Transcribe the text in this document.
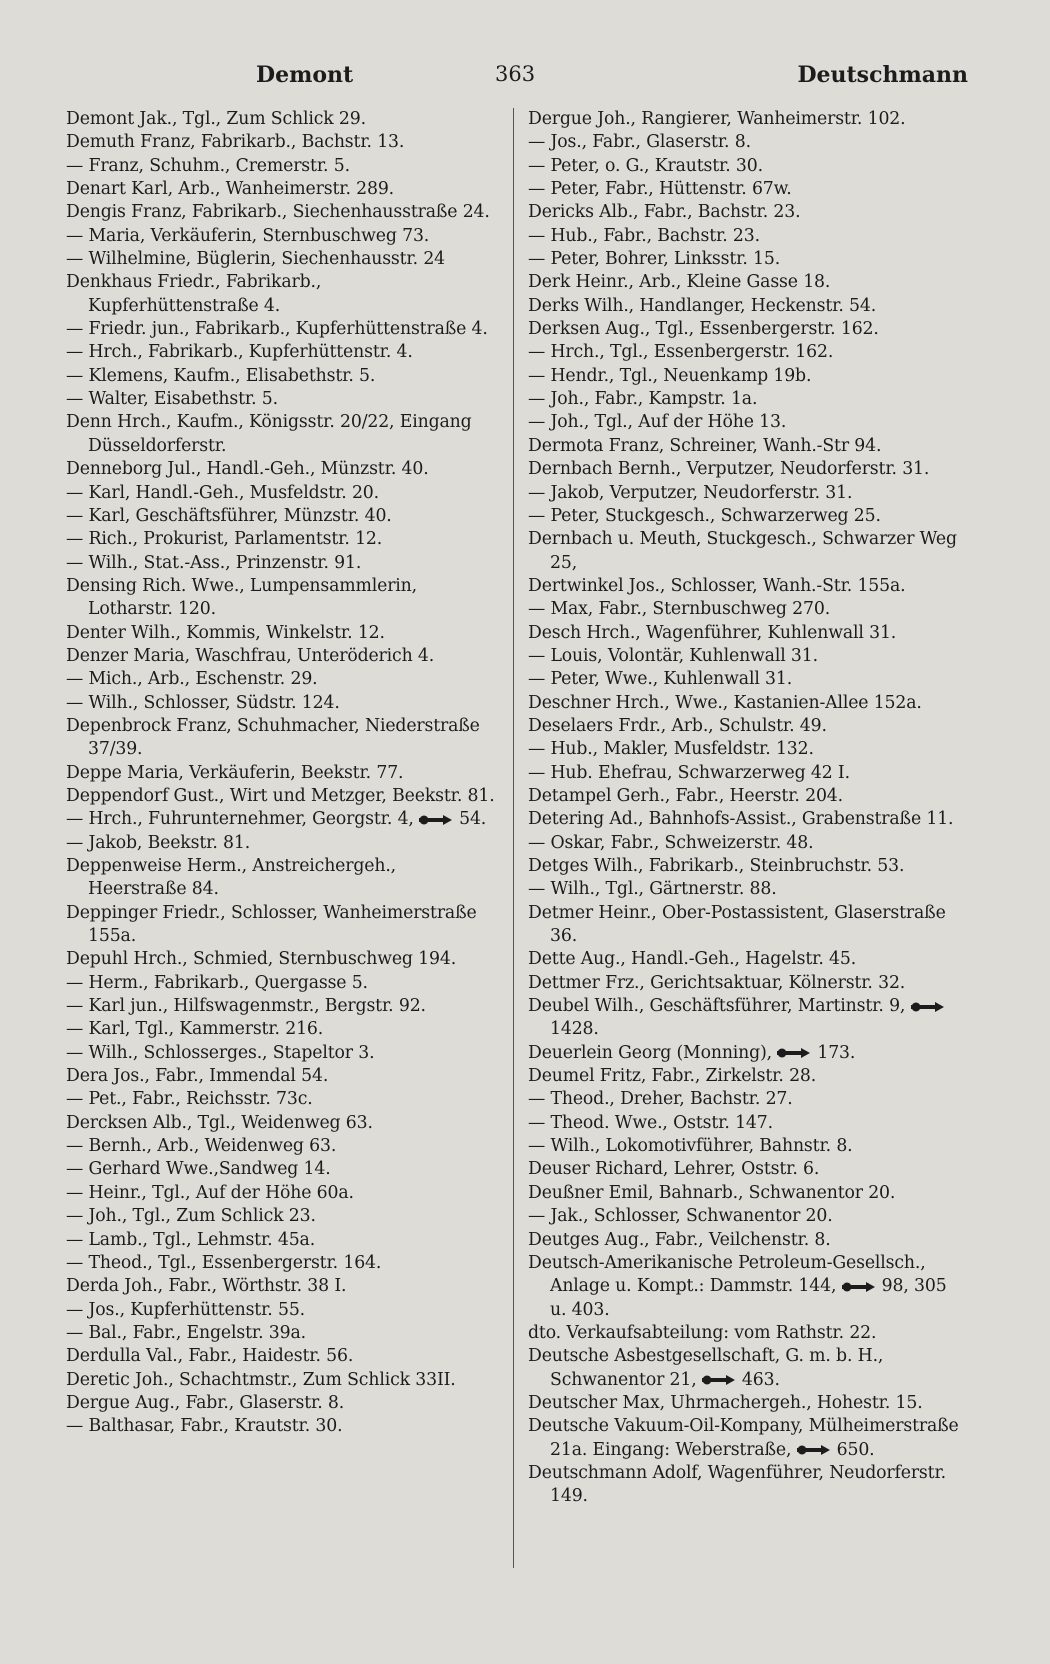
Demont	363	Deutschmann
Demont Jak., Tgl., Zum Schlick 29.
Demuth Franz, Fabrikarb., Bachstr. 13.
— Franz, Schuhm., Cremerstr. 5.
Denart Karl, Arb., Wanheimerstr. 289.
Dengis Franz, Fabrikarb., Siechenhausstraße 24.
— Maria, Verkäuferin, Sternbuschweg 73.
— Wilhelmine, Büglerin, Siechenhausstr. 24
Denkhaus Friedr., Fabrikarb., Kupferhüttenstraße 4.
— Friedr. jun., Fabrikarb., Kupferhüttenstraße 4.
— Hrch., Fabrikarb., Kupferhüttenstr. 4.
— Klemens, Kaufm., Elisabethstr. 5.
— Walter, Eisabethstr. 5.
Denn Hrch., Kaufm., Königsstr. 20/22, Eingang Düsseldorferstr.
Denneborg Jul., Handl.-Geh., Münzstr. 40.
— Karl, Handl.-Geh., Musfeldstr. 20.
— Karl, Geschäftsführer, Münzstr. 40.
— Rich., Prokurist, Parlamentstr. 12.
— Wilh., Stat.-Ass., Prinzenstr. 91.
Densing Rich. Wwe., Lumpensammlerin, Lotharstr. 120.
Denter Wilh., Kommis, Winkelstr. 12.
Denzer Maria, Waschfrau, Unteröderich 4.
— Mich., Arb., Eschenstr. 29.
— Wilh., Schlosser, Südstr. 124.
Depenbrock Franz, Schuhmacher, Niederstraße 37/39.
Deppe Maria, Verkäuferin, Beekstr. 77.
Deppendorf Gust., Wirt und Metzger, Beekstr. 81.
— Hrch., Fuhrunternehmer, Georgstr. 4,
54.
— Jakob, Beekstr. 81.
Deppenweise Herm., Anstreichergeh., Heerstraße 84.
Deppinger Friedr., Schlosser, Wanheimerstraße 155a.
Depuhl Hrch., Schmied, Sternbuschweg 194.
— Herm., Fabrikarb., Quergasse 5.
— Karl jun., Hilfswagenmstr., Bergstr. 92.
— Karl, Tgl., Kammerstr. 216.
— Wilh., Schlosserges., Stapeltor 3.
Dera Jos., Fabr., Immendal 54.
— Pet., Fabr., Reichsstr. 73c.
Dercksen Alb., Tgl., Weidenweg 63.
— Bernh., Arb., Weidenweg 63.
— Gerhard Wwe.,Sandweg 14.
— Heinr., Tgl., Auf der Höhe 60a.
— Joh., Tgl., Zum Schlick 23.
— Lamb., Tgl., Lehmstr. 45a.
— Theod., Tgl., Essenbergerstr. 164.
Derda Joh., Fabr., Wörthstr. 38 I.
— Jos., Kupferhüttenstr. 55.
— Bal., Fabr., Engelstr. 39a.
Derdulla Val., Fabr., Haidestr. 56.
Deretic Joh., Schachtmstr., Zum Schlick 33II.
Dergue Aug., Fabr., Glaserstr. 8.
— Balthasar, Fabr., Krautstr. 30.
Dergue Joh., Rangierer, Wanheimerstr. 102.
— Jos., Fabr., Glaserstr. 8.
— Peter, o. G., Krautstr. 30.
— Peter, Fabr., Hüttenstr. 67w.
Dericks Alb., Fabr., Bachstr. 23.
— Hub., Fabr., Bachstr. 23.
— Peter, Bohrer, Linksstr. 15.
Derk Heinr., Arb., Kleine Gasse 18.
Derks Wilh., Handlanger, Heckenstr. 54.
Derksen Aug., Tgl., Essenbergerstr. 162.
— Hrch., Tgl., Essenbergerstr. 162.
— Hendr., Tgl., Neuenkamp 19b.
— Joh., Fabr., Kampstr. 1a.
— Joh., Tgl., Auf der Höhe 13.
Dermota Franz, Schreiner, Wanh.-Str 94.
Dernbach Bernh., Verputzer, Neudorferstr. 31.
— Jakob, Verputzer, Neudorferstr. 31.
— Peter, Stuckgesch., Schwarzerweg 25.
Dernbach u. Meuth, Stuckgesch., Schwarzer Weg 25,
Dertwinkel Jos., Schlosser, Wanh.-Str. 155a.
— Max, Fabr., Sternbuschweg 270.
Desch Hrch., Wagenführer, Kuhlenwall 31.
— Louis, Volontär, Kuhlenwall 31.
— Peter, Wwe., Kuhlenwall 31.
Deschner Hrch., Wwe., Kastanien-Allee 152a.
Deselaers Frdr., Arb., Schulstr. 49.
— Hub., Makler, Musfeldstr. 132.
— Hub. Ehefrau, Schwarzerweg 42 I.
Detampel Gerh., Fabr., Heerstr. 204.
Detering Ad., Bahnhofs-Assist., Grabenstraße 11.
— Oskar, Fabr., Schweizerstr. 48.
Detges Wilh., Fabrikarb., Steinbruchstr. 53.
— Wilh., Tgl., Gärtnerstr. 88.
Detmer Heinr., Ober-Postassistent, Glaserstraße 36.
Dette Aug., Handl.-Geh., Hagelstr. 45.
Dettmer Frz., Gerichtsaktuar, Kölnerstr. 32.
Deubel Wilh., Geschäftsführer, Martinstr. 9,
1428.
Deuerlein Georg (Monning),
173.
Deumel Fritz, Fabr., Zirkelstr. 28.
— Theod., Dreher, Bachstr. 27.
— Theod. Wwe., Oststr. 147.
— Wilh., Lokomotivführer, Bahnstr. 8.
Deuser Richard, Lehrer, Oststr. 6.
Deußner Emil, Bahnarb., Schwanentor 20.
— Jak., Schlosser, Schwanentor 20.
Deutges Aug., Fabr., Veilchenstr. 8.
Deutsch-Amerikanische Petroleum-Gesellsch., Anlage u. Kompt.: Dammstr. 144,
98, 305 u. 403.
dto. Verkaufsabteilung: vom Rathstr. 22.
Deutsche Asbestgesellschaft, G. m. b. H., Schwanentor 21,
463.
Deutscher Max, Uhrmachergeh., Hohestr. 15.
Deutsche Vakuum-Oil-Kompany, Mülheimerstraße 21a. Eingang: Weberstraße,
650.
Deutschmann Adolf, Wagenführer, Neudorferstr. 149.
